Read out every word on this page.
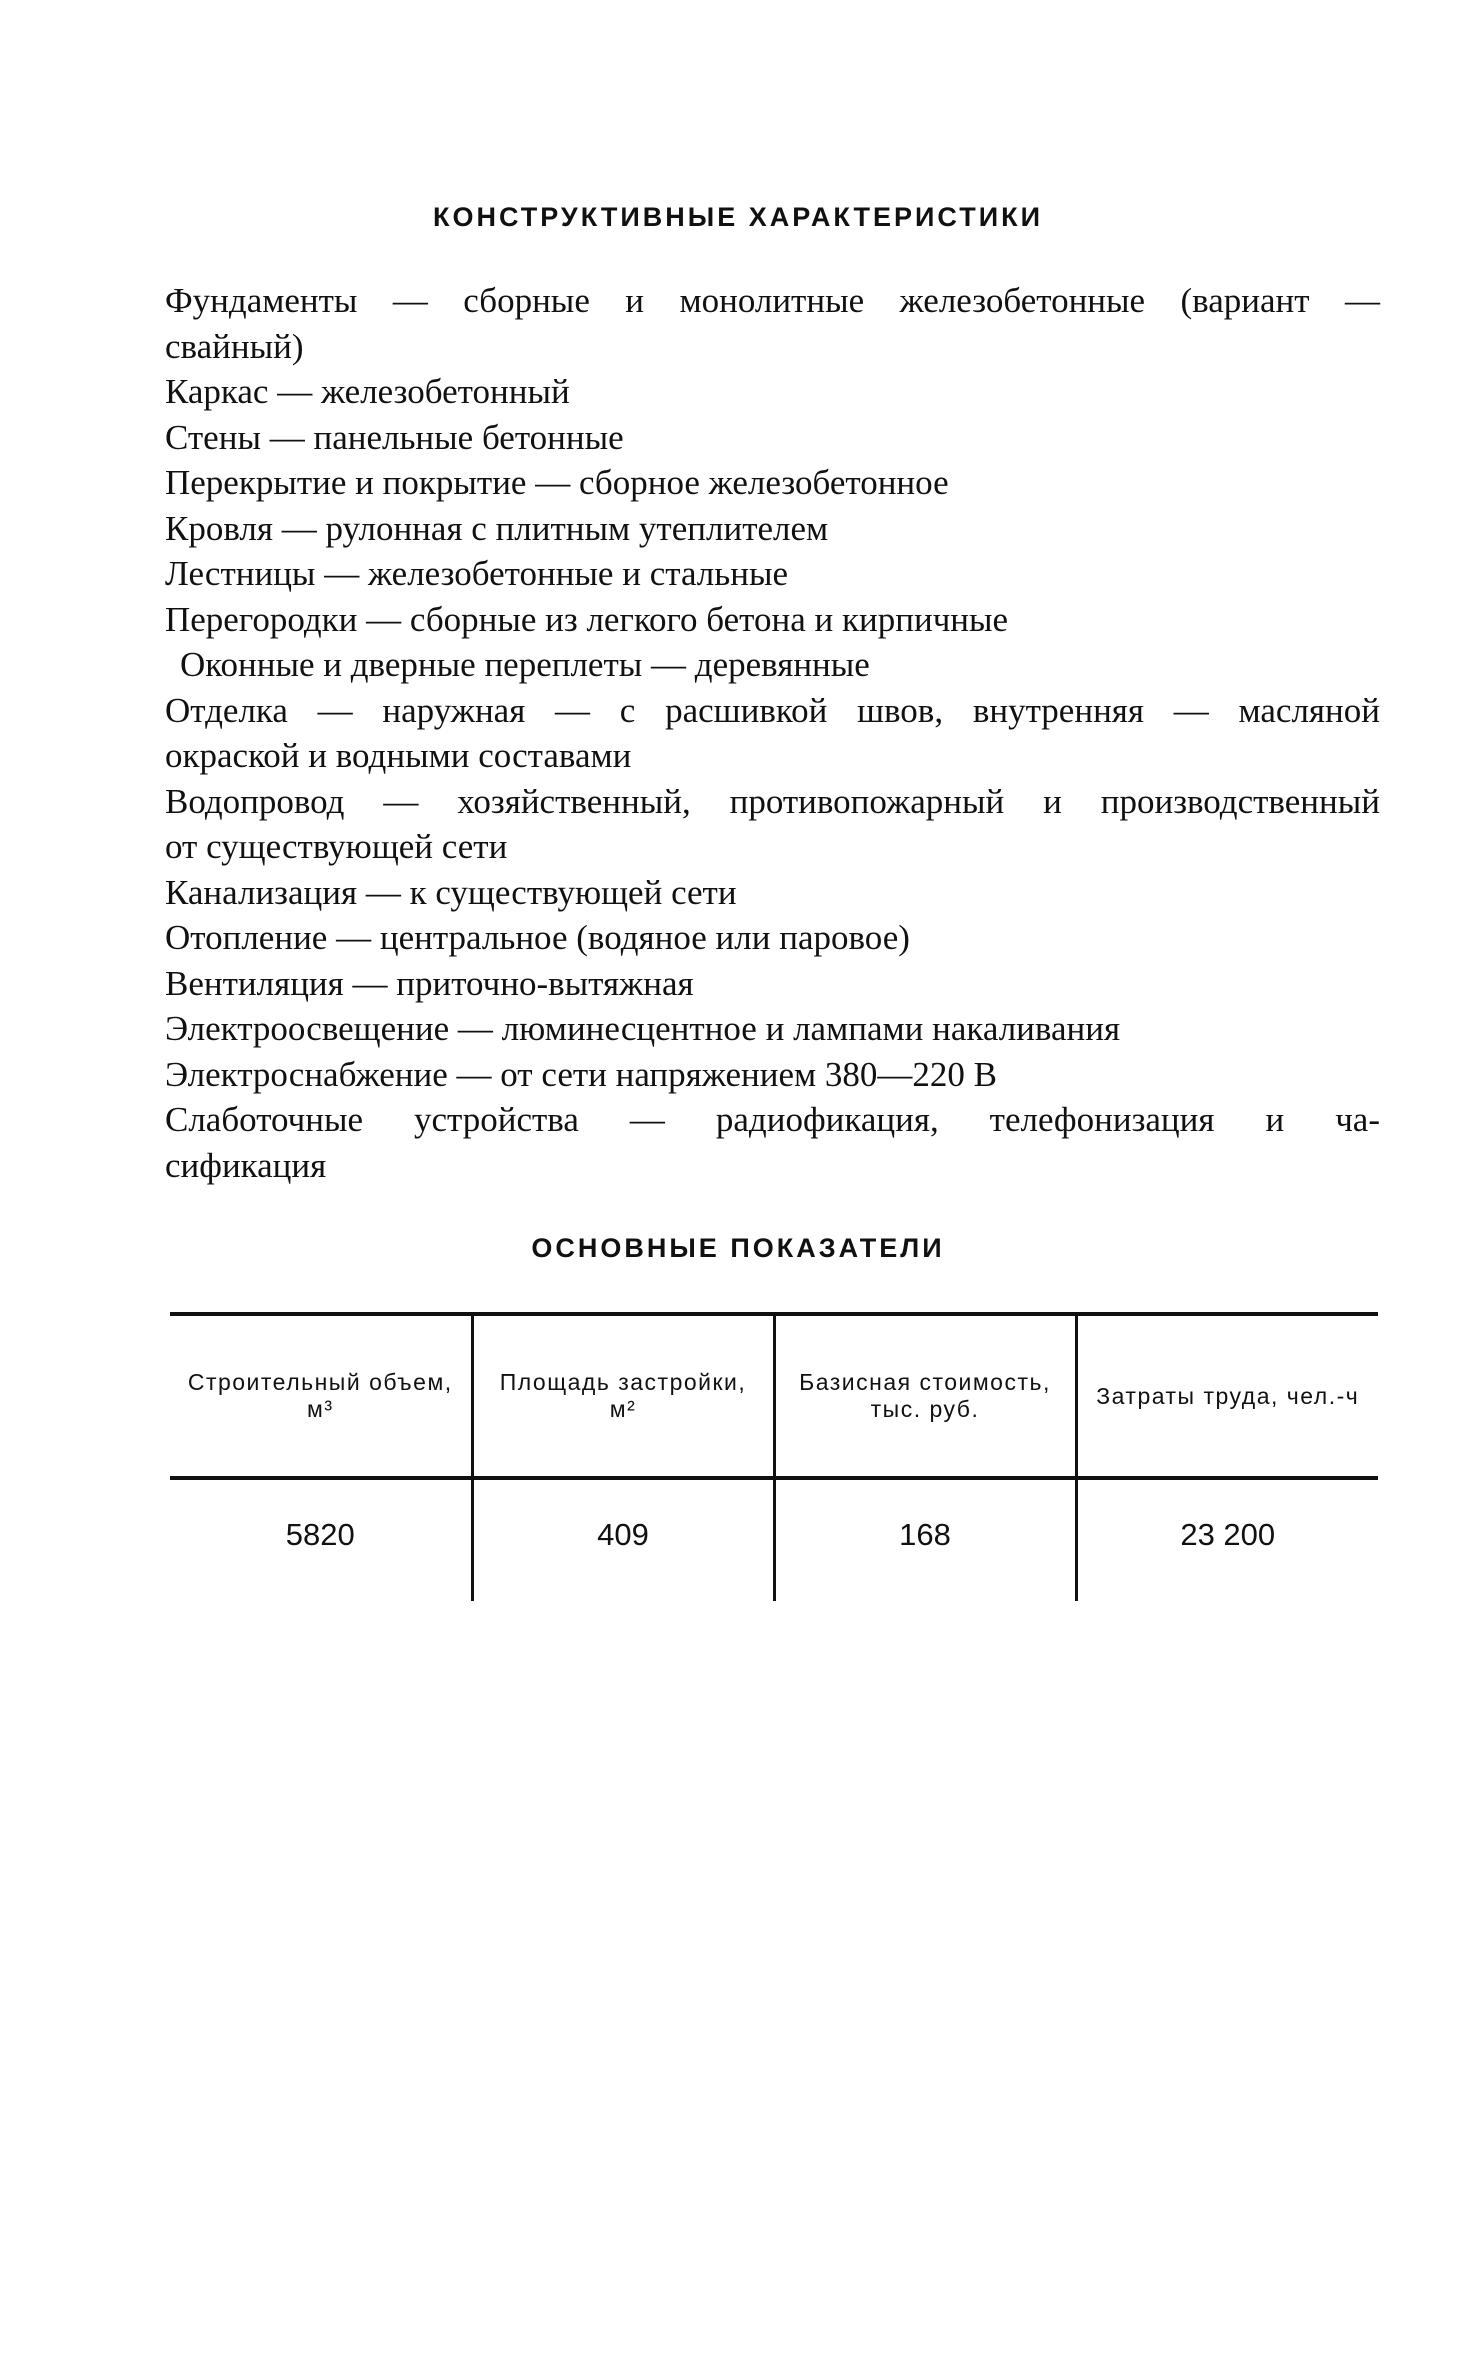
КОНСТРУКТИВНЫЕ ХАРАКТЕРИСТИКИ

Фундаменты — сборные и монолитные железобетонные (вариант —

свайный)

Каркас — железобетонный

Стены — панельные бетонные

Перекрытие и покрытие — сборное железобетонное

Кровля — рулонная с плитным утеплителем

Лестницы — железобетонные и стальные

Перегородки — сборные из легкого бетона и кирпичные

Оконные и дверные переплеты — деревянные

Отделка — наружная — с расшивкой швов, внутренняя — масляной

окраской и водными составами

Водопровод — хозяйственный, противопожарный и производственный

от существующей сети

Канализация — к существующей сети

Отопление — центральное (водяное или паровое)

Вентиляция — приточно-вытяжная

Электроосвещение — люминесцентное и лампами накаливания

Электроснабжение — от сети напряжением 380—220 В

Слаботочные устройства — радиофикация, телефонизация и ча-

сификация

ОСНОВНЫЕ ПОКАЗАТЕЛИ
Строительный объем, м³	Площадь застройки, м²	Базисная стоимость, тыс. руб.	Затраты труда, чел.-ч
5820	409	168	23 200
